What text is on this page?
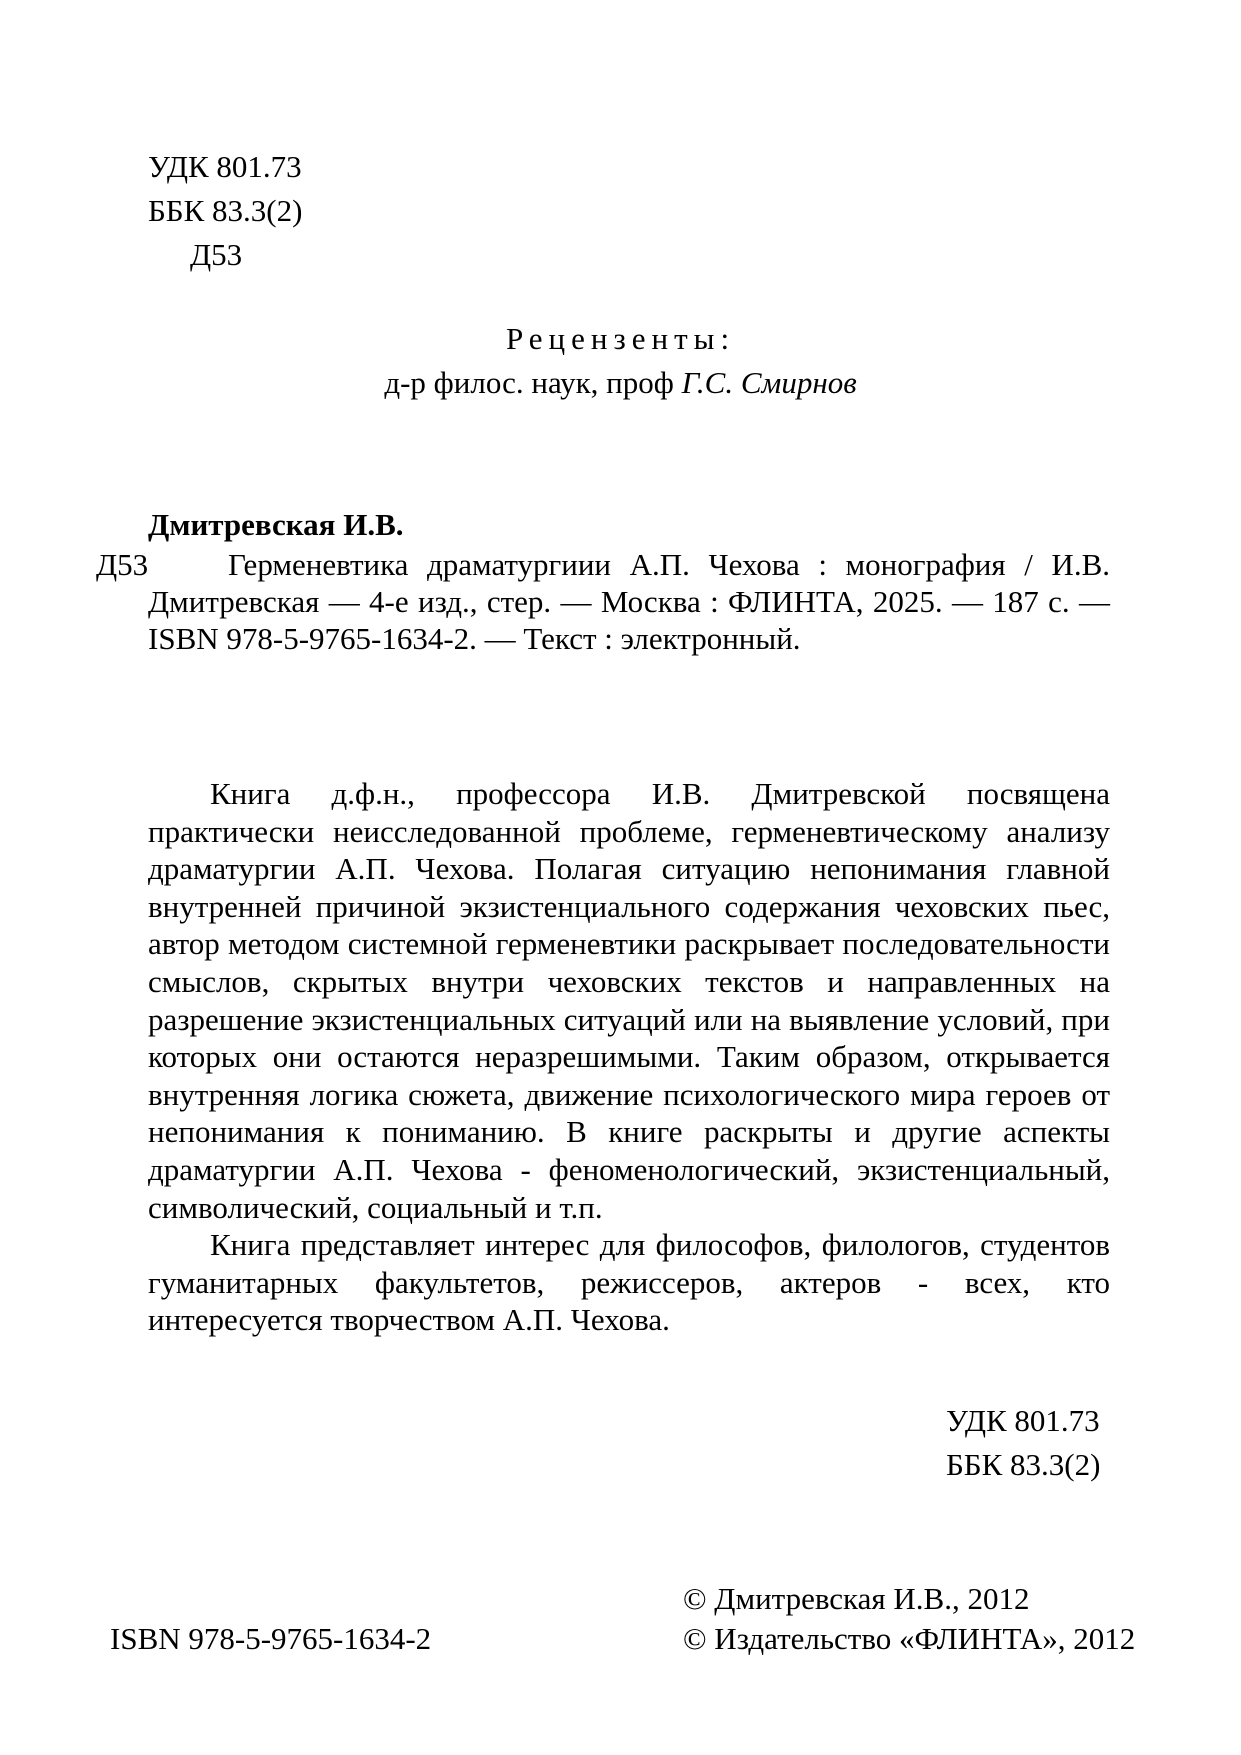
УДК 801.73
ББК 83.3(2)
Д53
Рецензенты:
д-р филос. наук, проф Г.С. Смирнов
Дмитревская И.В.
Д53	Герменевтика драматургиии А.П. Чехова : монография / И.В. Дмитревская — 4-е изд., стер. — Москва : ФЛИНТА, 2025. — 187 с. — ISBN 978-5-9765-1634-2. — Текст : электронный.

Книга д.ф.н., профессора И.В. Дмитревской посвящена практически неисследованной проблеме, герменевтическому анализу драматургии А.П. Чехова. Полагая ситуацию непонимания главной внутренней причиной экзистенциального содержания чеховских пьес, автор методом системной герменевтики раскрывает последовательности смыслов, скрытых внутри чеховских текстов и направленных на разрешение экзистенциальных ситуаций или на выявление условий, при которых они остаются неразрешимыми. Таким образом, открывается внутренняя логика сюжета, движение психологического мира героев от непонимания к пониманию. В книге раскрыты и другие аспекты драматургии А.П. Чехова - феноменологический, экзистенциальный, символический, социальный и т.п.

Книга представляет интерес для философов, филологов, студентов гуманитарных факультетов, режиссеров, актеров - всех, кто интересуется творчеством А.П. Чехова.

УДК 801.73
ББК 83.3(2)
ISBN 978-5-9765-1634-2
© Дмитревская И.В., 2012
© Издательство «ФЛИНТА», 2012
